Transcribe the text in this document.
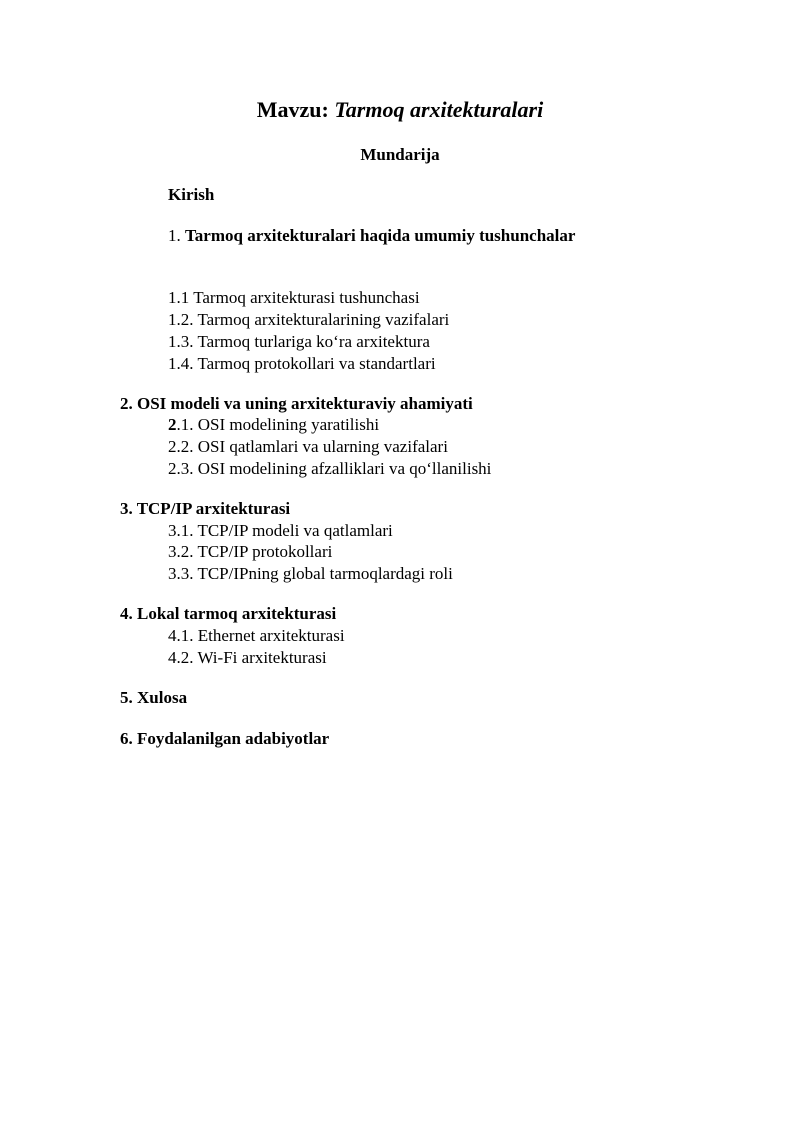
Mavzu: Tarmoq arxitekturalari
Mundarija
Kirish
1. Tarmoq arxitekturalari haqida umumiy tushunchalar
1.1 Tarmoq arxitekturasi tushunchasi
1.2. Tarmoq arxitekturalarining vazifalari
1.3. Tarmoq turlariga ko‘ra arxitektura
1.4. Tarmoq protokollari va standartlari
2. OSI modeli va uning arxitekturaviy ahamiyati
2.1. OSI modelining yaratilishi
2.2. OSI qatlamlari va ularning vazifalari
2.3. OSI modelining afzalliklari va qo‘llanilishi
3. TCP/IP arxitekturasi
3.1. TCP/IP modeli va qatlamlari
3.2. TCP/IP protokollari
3.3. TCP/IPning global tarmoqlardagi roli
4. Lokal tarmoq arxitekturasi
4.1. Ethernet arxitekturasi
4.2. Wi-Fi arxitekturasi
5. Xulosa
6. Foydalanilgan adabiyotlar
